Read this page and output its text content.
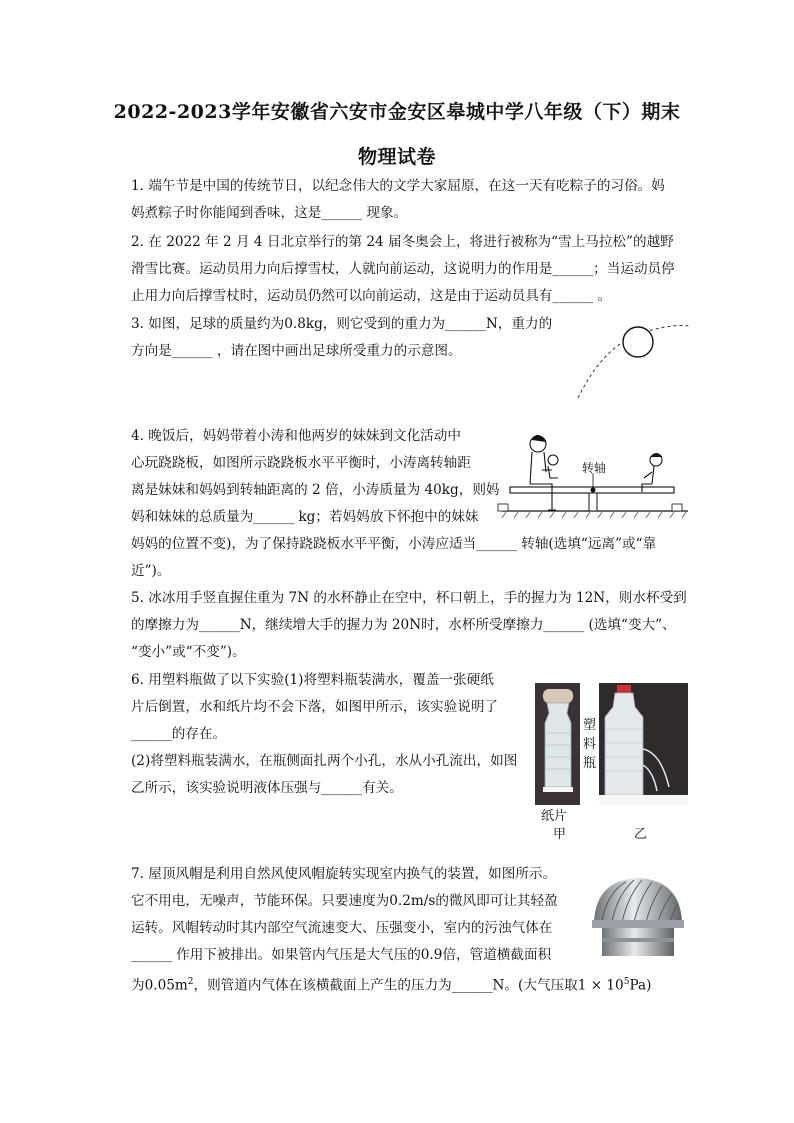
2022-2023学年安徽省六安市金安区皋城中学八年级（下）期末
物理试卷

1. 端午节是中国的传统节日，以纪念伟大的文学大家屈原，在这一天有吃粽子的习俗。妈

妈煮粽子时你能闻到香味，这是______ 现象。

2. 在 2022 年 2 月 4 日北京举行的第 24 届冬奥会上，将进行被称为“雪上马拉松”的越野

滑雪比赛。运动员用力向后撑雪杖，人就向前运动，这说明力的作用是______；当运动员停

止用力向后撑雪杖时，运动员仍然可以向前运动，这是由于运动员具有______ 。

3. 如图，足球的质量约为0.8kg，则它受到的重力为______N，重力的

方向是______ ，请在图中画出足球所受重力的示意图。

4. 晚饭后，妈妈带着小涛和他两岁的妹妹到文化活动中

心玩跷跷板，如图所示跷跷板水平平衡时，小涛离转轴距

离是妹妹和妈妈到转轴距离的 2 倍，小涛质量为 40kg，则妈

妈和妹妹的总质量为______ kg；若妈妈放下怀抱中的妹妹

妈妈的位置不变)，为了保持跷跷板水平平衡，小涛应适当______ 转轴(选填“远离”或“靠

近”)。

转轴

5. 冰冰用手竖直握住重为 7N 的水杯静止在空中，杯口朝上，手的握力为 12N，则水杯受到

的摩擦力为______N，继续增大手的握力为 20N时，水杯所受摩擦力______ (选填“变大”、

“变小”或“不变”)。

6. 用塑料瓶做了以下实验(1)将塑料瓶装满水，覆盖一张硬纸

片后倒置，水和纸片均不会下落，如图甲所示，该实验说明了

______的存在。

(2)将塑料瓶装满水，在瓶侧面扎两个小孔，水从小孔流出，如图

乙所示，该实验说明液体压强与______有关。

塑料瓶
纸片
甲	乙

7. 屋顶风帽是利用自然风使风帽旋转实现室内换气的装置，如图所示。

它不用电，无噪声，节能环保。只要速度为0.2m/s的微风即可让其轻盈

运转。风帽转动时其内部空气流速变大、压强变小，室内的污浊气体在

______ 作用下被排出。如果管内气压是大气压的0.9倍，管道横截面积

为$0.05m^2$，则管道内气体在该横截面上产生的压力为______N。(大气压取$1 \times 10^5Pa$)
